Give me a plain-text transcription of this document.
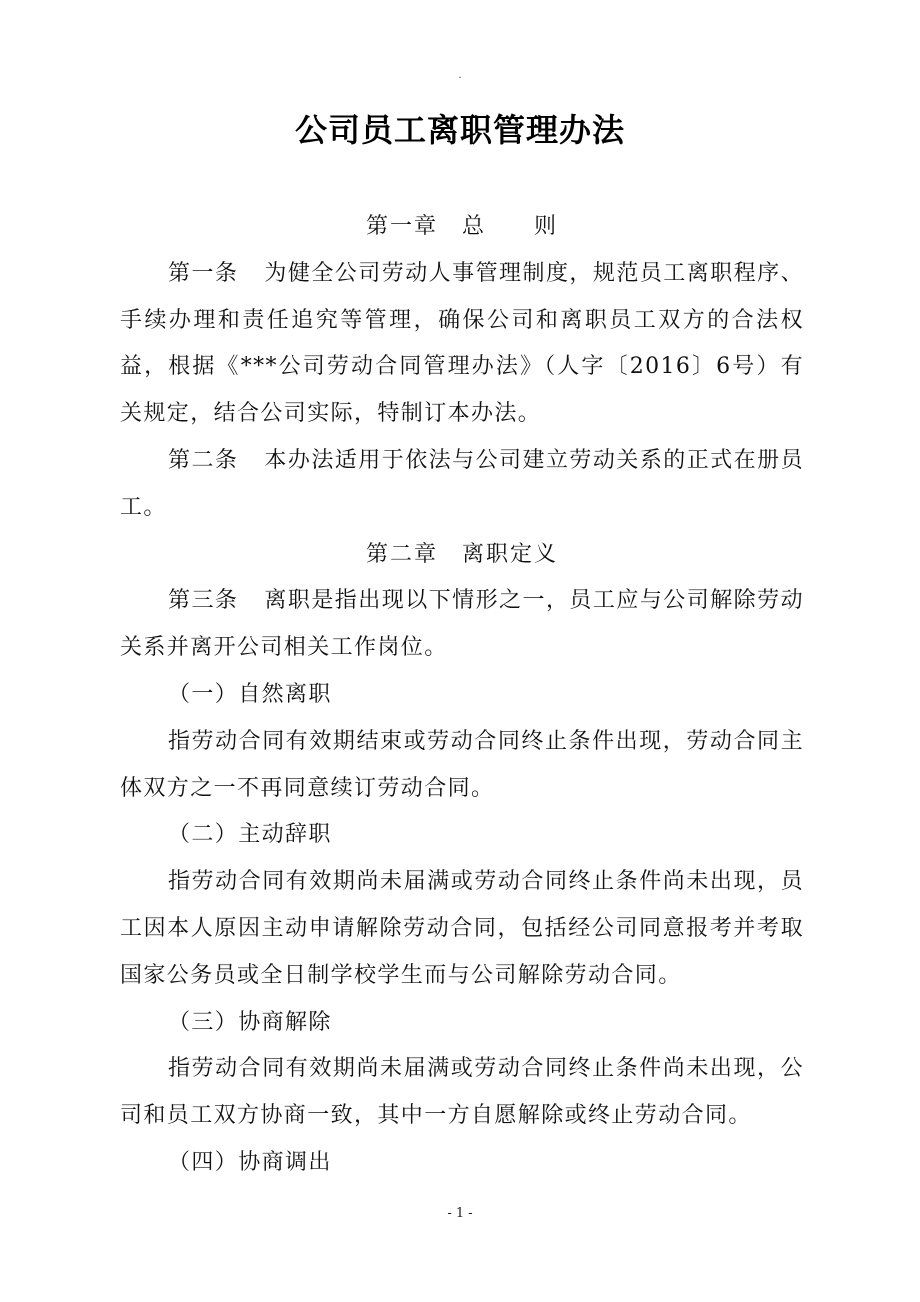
.
公司员工离职管理办法

第一章　总　　则

第一条 为健全公司劳动人事管理制度，规范员工离职程序、手续办理和责任追究等管理，确保公司和离职员工双方的合法权益，根据《***公司劳动合同管理办法》（人字〔2016〕6号）有关规定，结合公司实际，特制订本办法。

第二条 本办法适用于依法与公司建立劳动关系的正式在册员工。

第二章　离职定义

第三条 离职是指出现以下情形之一，员工应与公司解除劳动关系并离开公司相关工作岗位。

（一）自然离职

指劳动合同有效期结束或劳动合同终止条件出现，劳动合同主体双方之一不再同意续订劳动合同。

（二）主动辞职

指劳动合同有效期尚未届满或劳动合同终止条件尚未出现，员工因本人原因主动申请解除劳动合同，包括经公司同意报考并考取国家公务员或全日制学校学生而与公司解除劳动合同。

（三）协商解除

指劳动合同有效期尚未届满或劳动合同终止条件尚未出现，公司和员工双方协商一致，其中一方自愿解除或终止劳动合同。

（四）协商调出

- 1 -
